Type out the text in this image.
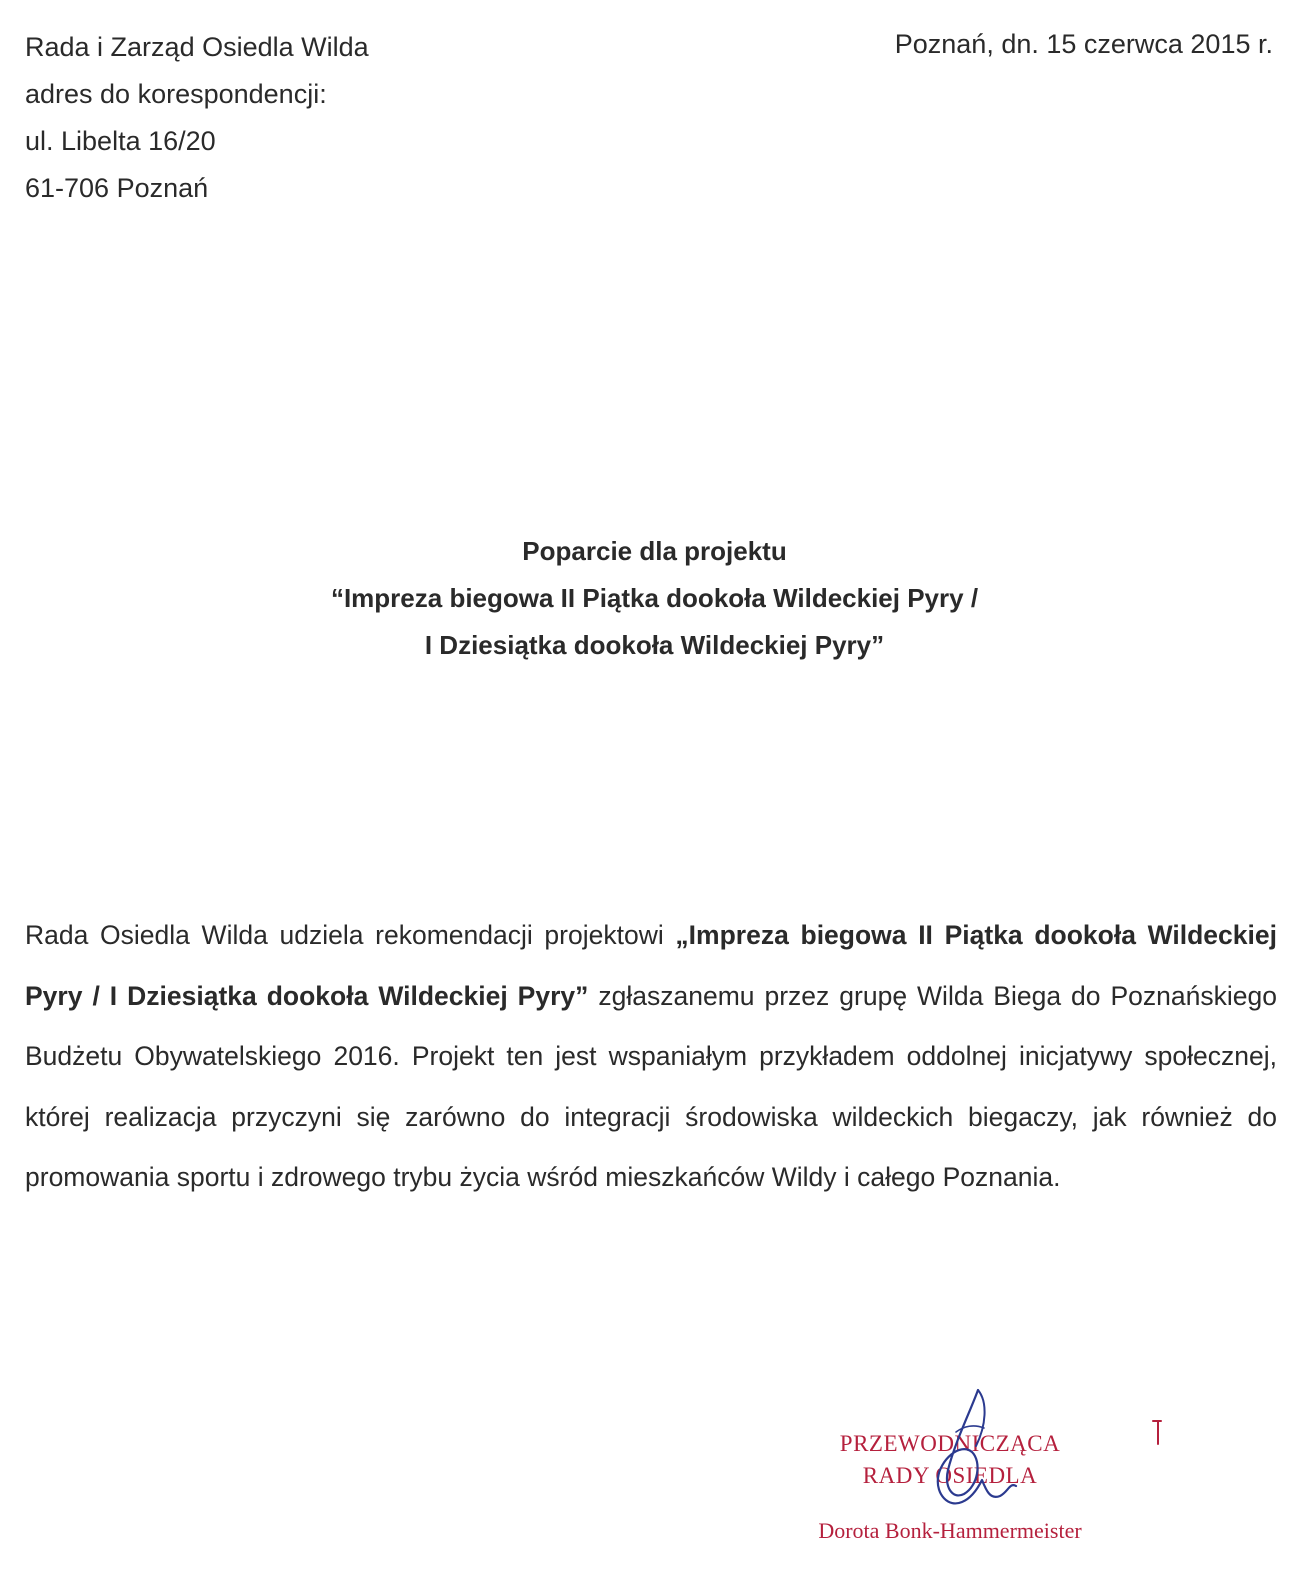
Rada i Zarząd Osiedla Wilda
adres do korespondencji:
ul. Libelta 16/20
61-706 Poznań
Poznań, dn. 15 czerwca 2015 r.
Poparcie dla projektu
“Impreza biegowa II Piątka dookoła Wildeckiej Pyry /
I Dziesiątka dookoła Wildeckiej Pyry”
Rada Osiedla Wilda udziela rekomendacji projektowi „Impreza biegowa II Piątka dookoła Wildeckiej Pyry / I Dziesiątka dookoła Wildeckiej Pyry” zgłaszanemu przez grupę Wilda Biega do Poznańskiego Budżetu Obywatelskiego 2016. Projekt ten jest wspaniałym przykładem oddolnej inicjatywy społecznej, której realizacja przyczyni się zarówno do integracji środowiska wildeckich biegaczy, jak również do promowania sportu i zdrowego trybu życia wśród mieszkańców Wildy i całego Poznania.
PRZEWODNICZĄCA
RADY OSIEDLA
Dorota Bonk-Hammermeister
